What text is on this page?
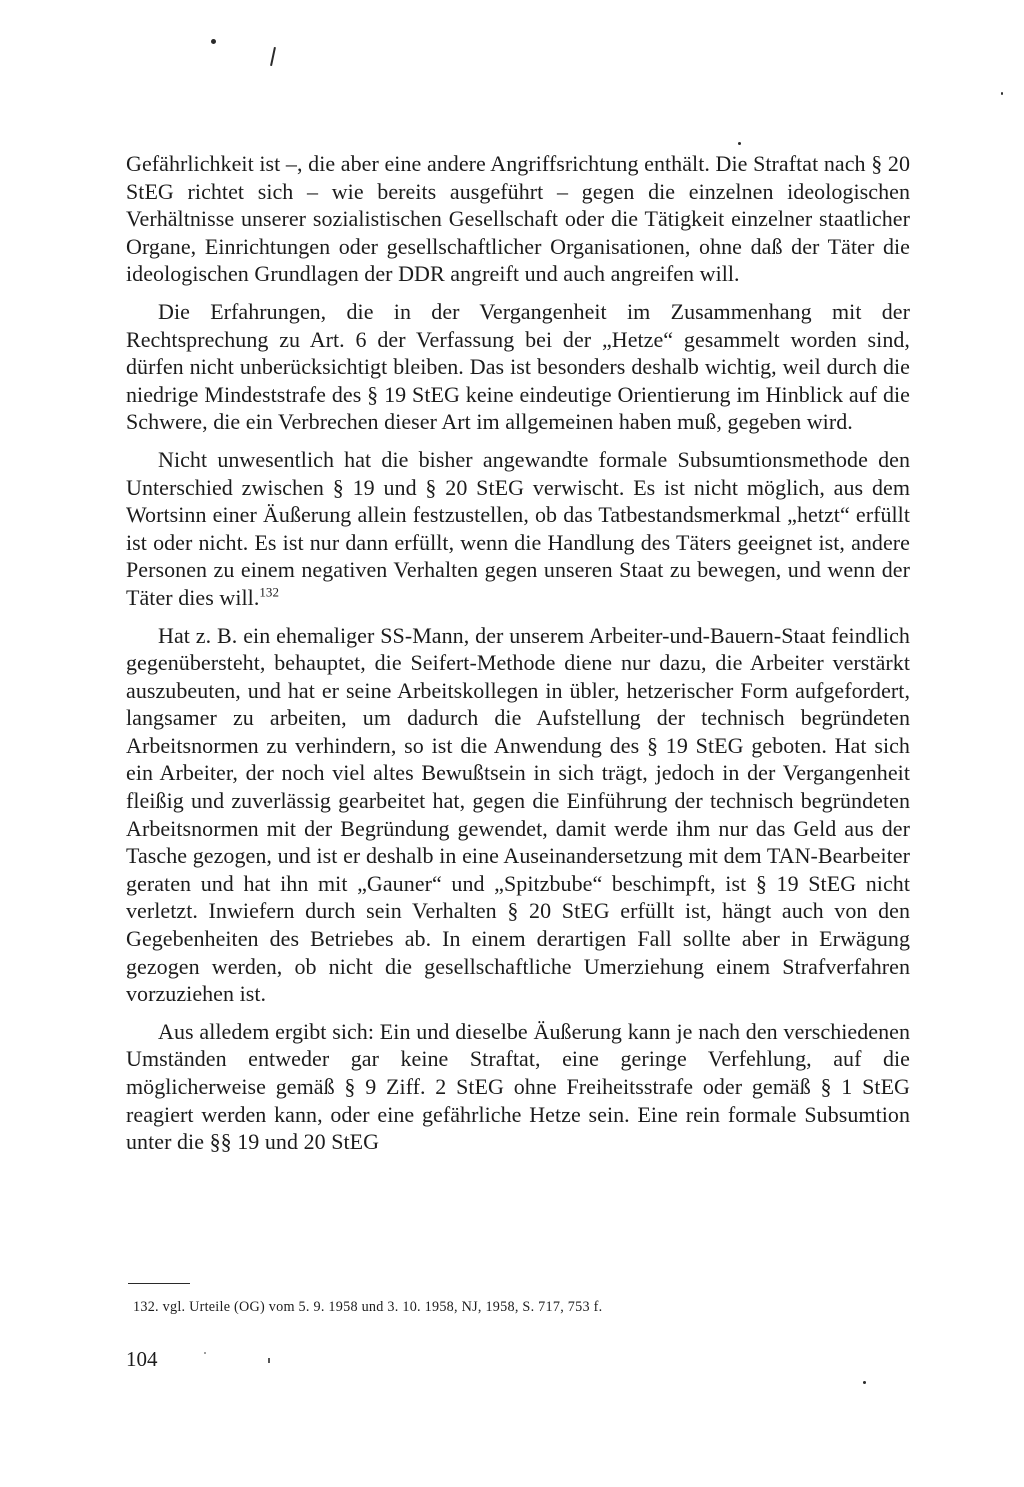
Gefährlichkeit ist –, die aber eine andere Angriffsrichtung enthält. Die Straftat nach § 20 StEG richtet sich – wie bereits ausgeführt – gegen die einzelnen ideologischen Verhältnisse unserer sozialistischen Gesellschaft oder die Tätigkeit einzelner staatlicher Organe, Einrichtungen oder gesellschaftlicher Organisationen, ohne daß der Täter die ideologischen Grundlagen der DDR angreift und auch angreifen will.

Die Erfahrungen, die in der Vergangenheit im Zusammenhang mit der Rechtsprechung zu Art. 6 der Verfassung bei der „Hetze“ gesammelt worden sind, dürfen nicht unberücksichtigt bleiben. Das ist besonders deshalb wichtig, weil durch die niedrige Mindeststrafe des § 19 StEG keine eindeutige Orientierung im Hinblick auf die Schwere, die ein Verbrechen dieser Art im allgemeinen haben muß, gegeben wird.

Nicht unwesentlich hat die bisher angewandte formale Subsumtionsmethode den Unterschied zwischen § 19 und § 20 StEG verwischt. Es ist nicht möglich, aus dem Wortsinn einer Äußerung allein festzustellen, ob das Tatbestandsmerkmal „hetzt“ erfüllt ist oder nicht. Es ist nur dann erfüllt, wenn die Handlung des Täters geeignet ist, andere Personen zu einem negativen Verhalten gegen unseren Staat zu bewegen, und wenn der Täter dies will.$^{132}$

Hat z. B. ein ehemaliger SS-Mann, der unserem Arbeiter-und-Bauern-Staat feindlich gegenübersteht, behauptet, die Seifert-Methode diene nur dazu, die Arbeiter verstärkt auszubeuten, und hat er seine Arbeitskollegen in übler, hetzerischer Form aufgefordert, langsamer zu arbeiten, um dadurch die Aufstellung der technisch begründeten Arbeitsnormen zu verhindern, so ist die Anwendung des § 19 StEG geboten. Hat sich ein Arbeiter, der noch viel altes Bewußtsein in sich trägt, jedoch in der Vergangenheit fleißig und zuverlässig gearbeitet hat, gegen die Einführung der technisch begründeten Arbeitsnormen mit der Begründung gewendet, damit werde ihm nur das Geld aus der Tasche gezogen, und ist er deshalb in eine Auseinandersetzung mit dem TAN-Bearbeiter geraten und hat ihn mit „Gauner“ und „Spitzbube“ beschimpft, ist § 19 StEG nicht verletzt. Inwiefern durch sein Verhalten § 20 StEG erfüllt ist, hängt auch von den Gegebenheiten des Betriebes ab. In einem derartigen Fall sollte aber in Erwägung gezogen werden, ob nicht die gesellschaftliche Umerziehung einem Strafverfahren vorzuziehen ist.

Aus alledem ergibt sich: Ein und dieselbe Äußerung kann je nach den verschiedenen Umständen entweder gar keine Straftat, eine geringe Verfehlung, auf die möglicherweise gemäß § 9 Ziff. 2 StEG ohne Freiheitsstrafe oder gemäß § 1 StEG reagiert werden kann, oder eine gefährliche Hetze sein. Eine rein formale Subsumtion unter die §§ 19 und 20 StEG

132. vgl. Urteile (OG) vom 5. 9. 1958 und 3. 10. 1958, NJ, 1958, S. 717, 753 f.
104
